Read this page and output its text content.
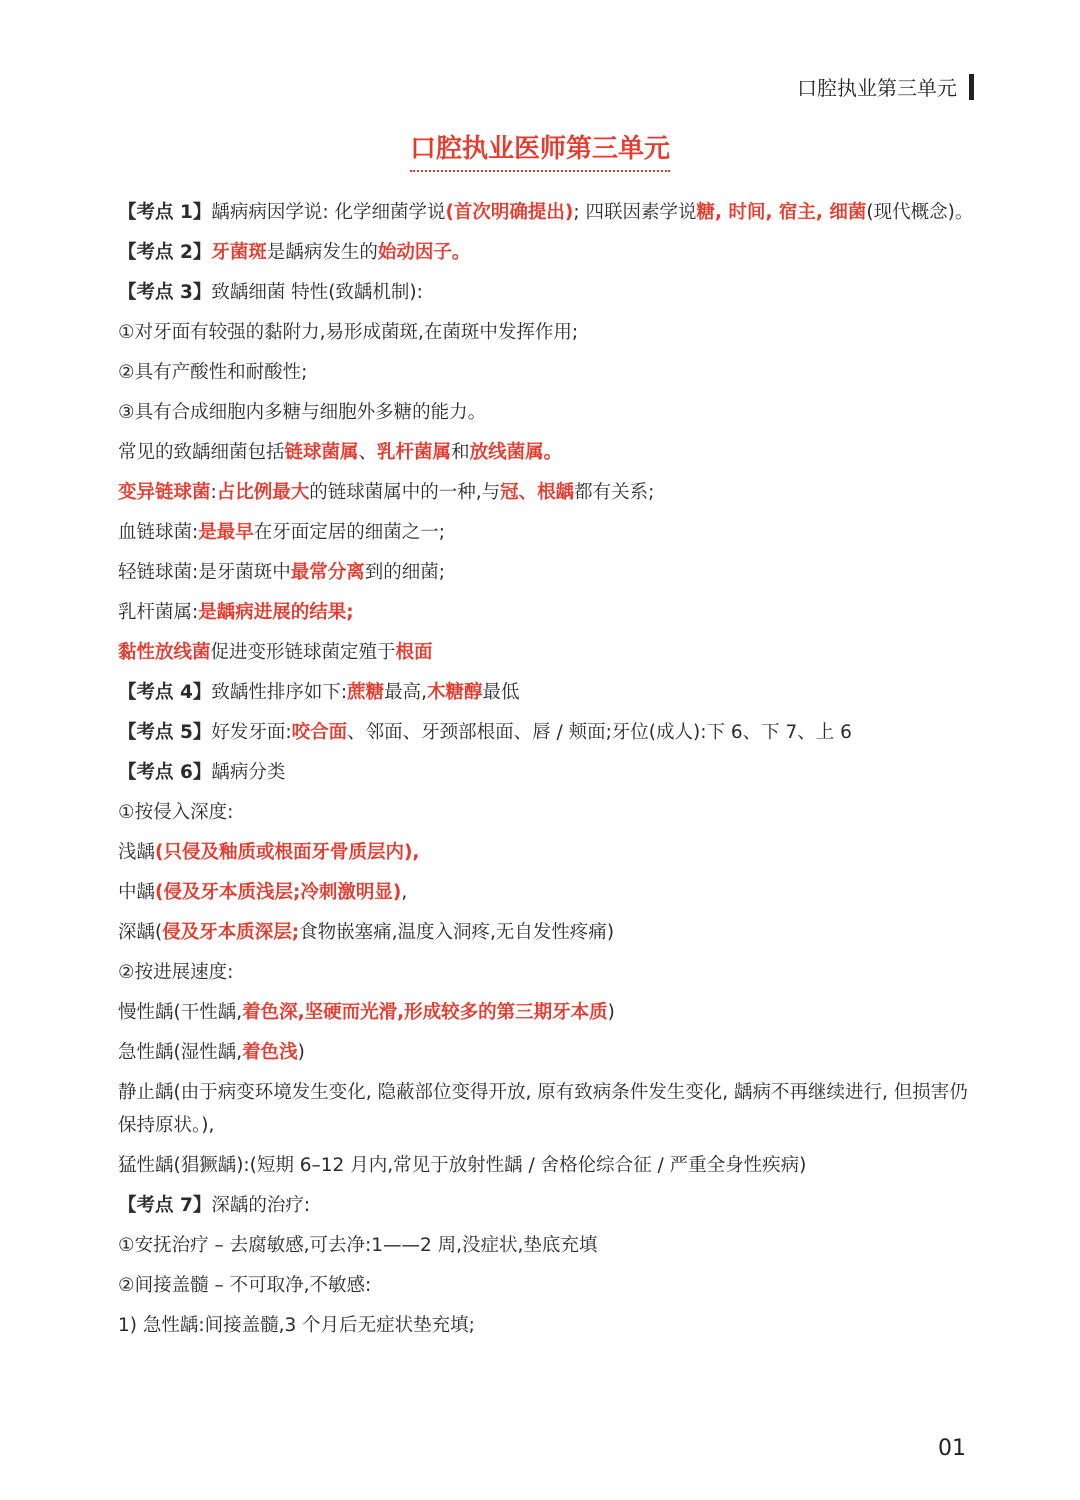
口腔执业第三单元
口腔执业医师第三单元
【考点 1】龋病病因学说: 化学细菌学说(首次明确提出); 四联因素学说糖, 时间, 宿主, 细菌(现代概念)。
【考点 2】牙菌斑是龋病发生的始动因子。
【考点 3】致龋细菌 特性(致龋机制):
①对牙面有较强的黏附力,易形成菌斑,在菌斑中发挥作用;
②具有产酸性和耐酸性;
③具有合成细胞内多糖与细胞外多糖的能力。
常见的致龋细菌包括链球菌属、乳杆菌属和放线菌属。
变异链球菌:占比例最大的链球菌属中的一种,与冠、根龋都有关系;
血链球菌:是最早在牙面定居的细菌之一;
轻链球菌:是牙菌斑中最常分离到的细菌;
乳杆菌属:是龋病进展的结果;
黏性放线菌促进变形链球菌定殖于根面
【考点 4】致龋性排序如下:蔗糖最高,木糖醇最低
【考点 5】好发牙面:咬合面、邻面、牙颈部根面、唇 / 颊面;牙位(成人):下 6、下 7、上 6
【考点 6】龋病分类
①按侵入深度:
浅龋(只侵及釉质或根面牙骨质层内),
中龋(侵及牙本质浅层;冷刺激明显),
深龋(侵及牙本质深层;食物嵌塞痛,温度入洞疼,无自发性疼痛)
②按进展速度:
慢性龋(干性龋,着色深,坚硬而光滑,形成较多的第三期牙本质)
急性龋(湿性龋,着色浅)
静止龋(由于病变环境发生变化, 隐蔽部位变得开放, 原有致病条件发生变化, 龋病不再继续进行, 但损害仍保持原状。),
猛性龋(猖獗龋):(短期 6–12 月内,常见于放射性龋 / 舍格伦综合征 / 严重全身性疾病)
【考点 7】深龋的治疗:
①安抚治疗 – 去腐敏感,可去净:1——2 周,没症状,垫底充填
②间接盖髓 – 不可取净,不敏感:
1) 急性龋:间接盖髓,3 个月后无症状垫充填;
01
